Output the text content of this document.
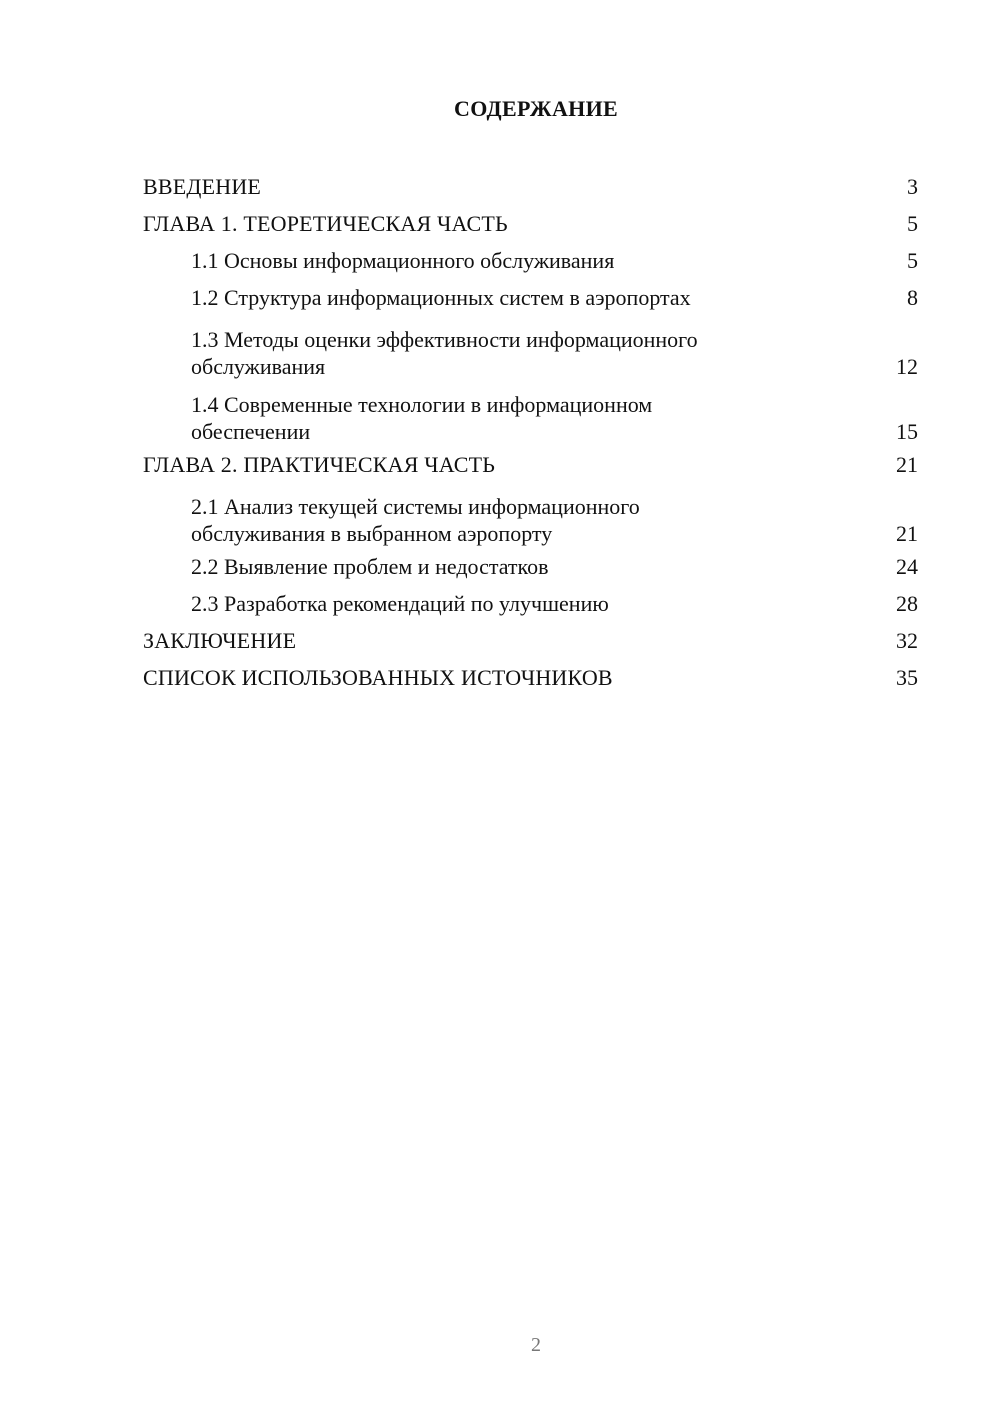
СОДЕРЖАНИЕ
ВВЕДЕНИЕ	3
ГЛАВА 1. ТЕОРЕТИЧЕСКАЯ ЧАСТЬ	5
1.1 Основы информационного обслуживания	5
1.2 Структура информационных систем в аэропортах	8
1.3 Методы оценки эффективности информационного обслуживания	12
1.4 Современные технологии в информационном обеспечении	15
ГЛАВА 2. ПРАКТИЧЕСКАЯ ЧАСТЬ	21
2.1 Анализ текущей системы информационного обслуживания в выбранном аэропорту	21
2.2 Выявление проблем и недостатков	24
2.3 Разработка рекомендаций по улучшению	28
ЗАКЛЮЧЕНИЕ	32
СПИСОК ИСПОЛЬЗОВАННЫХ ИСТОЧНИКОВ	35
2
